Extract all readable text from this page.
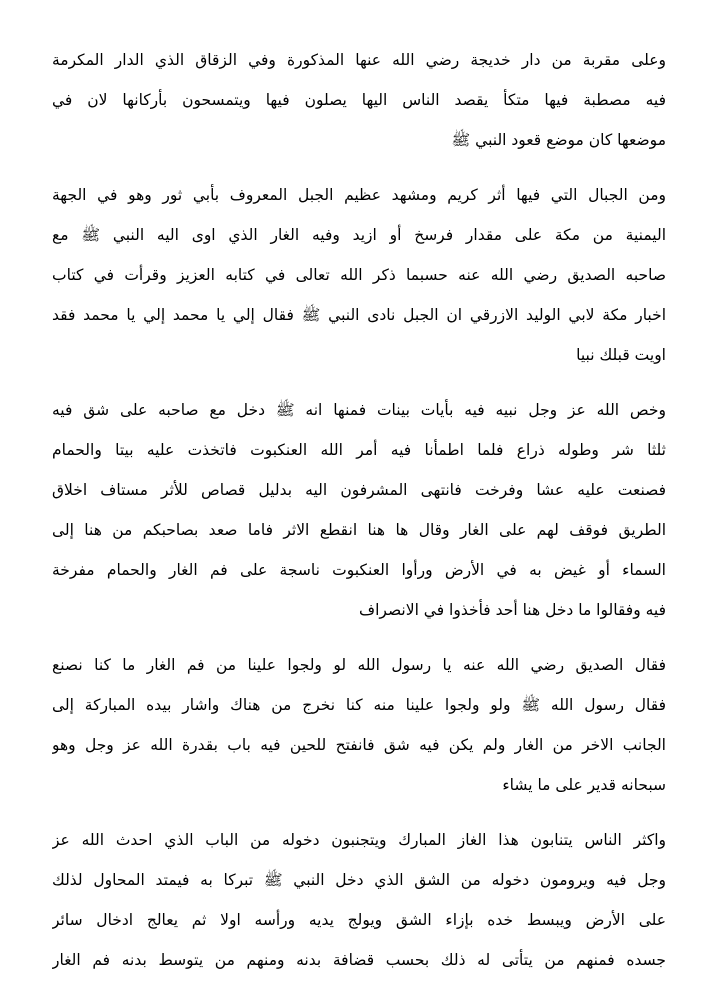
وعلى مقربة من دار خديجة رضي الله عنها المذكورة وفي الزقاق الذي الدار المكرمة
فيه مصطبة فيها متكأ يقصد الناس اليها يصلون فيها ويتمسحون بأركانها لان في
موضعها كان موضع قعود النبي ﷺ
ومن الجبال التي فيها أثر كريم ومشهد عظيم الجبل المعروف بأبي ثور وهو في الجهة
اليمنية من مكة على مقدار فرسخ أو ازيد وفيه الغار الذي اوى اليه النبي ﷺ مع
صاحبه الصديق رضي الله عنه حسبما ذكر الله تعالى في كتابه العزيز وقرأت في كتاب
اخبار مكة لابي الوليد الازرقي ان الجبل نادى النبي ﷺ فقال إلي يا محمد إلي يا محمد فقد
اويت قبلك نبيا
وخص الله عز وجل نبيه فيه بأيات بينات فمنها انه ﷺ دخل مع صاحبه على شق فيه
ثلثا شر وطوله ذراع فلما اطمأنا فيه أمر الله العنكبوت فاتخذت عليه بيتا والحمام
فصنعت عليه عشا وفرخت فانتهى المشرفون اليه بدليل قصاص للأثر مستاف اخلاق
الطريق فوقف لهم على الغار وقال ها هنا انقطع الاثر فاما صعد بصاحبكم من هنا إلى
السماء أو غيض به في الأرض ورأوا العنكبوت ناسجة على فم الغار والحمام مفرخة
فيه وفقالوا ما دخل هنا أحد فأخذوا في الانصراف
فقال الصديق رضي الله عنه يا رسول الله لو ولجوا علينا من فم الغار ما كنا نصنع
فقال رسول الله ﷺ ولو ولجوا علينا منه كنا نخرج من هناك واشار بيده المباركة إلى
الجانب الاخر من الغار ولم يكن فيه شق فانفتح للحين فيه باب بقدرة الله عز وجل وهو
سبحانه قدير على ما يشاء
واكثر الناس يتنابون هذا الغاز المبارك ويتجنبون دخوله من الباب الذي احدث الله عز
وجل فيه ويرومون دخوله من الشق الذي دخل النبي ﷺ تبركا به فيمتد المحاول لذلك
على الأرض ويبسط خده بإزاء الشق ويولج يديه ورأسه اولا ثم يعالج ادخال سائر
جسده فمنهم من يتأتى له ذلك بحسب قضافة بدنه ومنهم من يتوسط بدنه فم الغار
